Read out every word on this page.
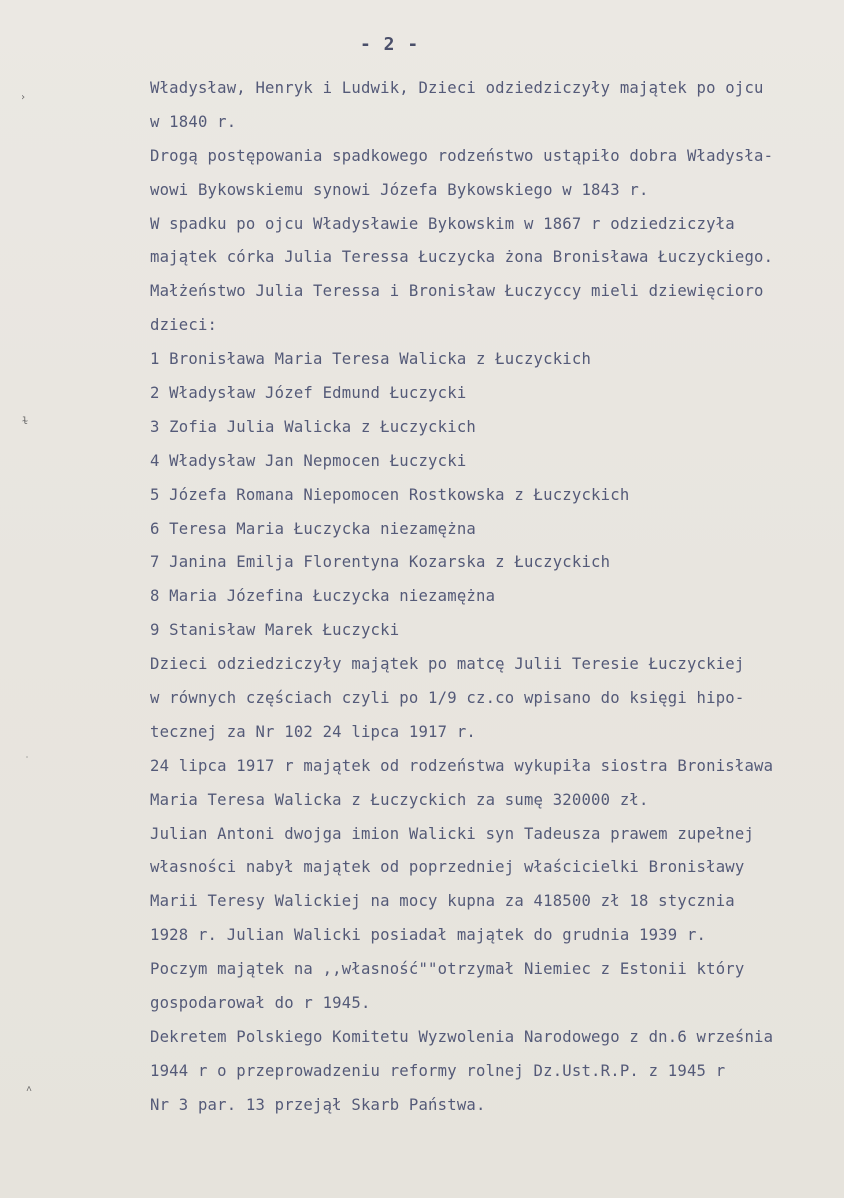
- 2 -
›
ɫ
˙
˄
Władysław, Henryk i Ludwik, Dzieci odziedziczyły majątek po ojcu
w 1840 r.
Drogą postępowania spadkowego rodzeństwo ustąpiło dobra Władysła-
wowi Bykowskiemu synowi Józefa Bykowskiego w 1843 r.
W spadku po ojcu Władysławie Bykowskim w 1867 r odziedziczyła
majątek córka Julia Teressa Łuczycka żona Bronisława Łuczyckiego.
Małżeństwo Julia Teressa i Bronisław Łuczyccy mieli dziewięcioro
dzieci:
1 Bronisława Maria Teresa Walicka z Łuczyckich
2 Władysław Józef Edmund Łuczycki
3 Zofia Julia Walicka z Łuczyckich
4 Władysław Jan Nepmocen Łuczycki
5 Józefa Romana Niepomocen Rostkowska z Łuczyckich
6 Teresa Maria Łuczycka niezamężna
7 Janina Emilja Florentyna Kozarska z Łuczyckich
8 Maria Józefina Łuczycka niezamężna
9 Stanisław Marek Łuczycki
Dzieci odziedziczyły majątek po matcę Julii Teresie Łuczyckiej
w równych częściach czyli po 1/9 cz.co wpisano do księgi hipo-
tecznej za Nr 102 24 lipca 1917 r.
24 lipca 1917 r majątek od rodzeństwa wykupiła siostra Bronisława
Maria Teresa Walicka z Łuczyckich za sumę 320000 zł.
Julian Antoni dwojga imion Walicki syn Tadeusza prawem zupełnej
własności nabył majątek od poprzedniej właścicielki Bronisławy
Marii Teresy Walickiej na mocy kupna za 418500 zł 18 stycznia
1928 r. Julian Walicki posiadał majątek do grudnia 1939 r.
Poczym majątek na ,,własność""otrzymał Niemiec z Estonii który
gospodarował do r 1945.
Dekretem Polskiego Komitetu Wyzwolenia Narodowego z dn.6 września
1944 r o przeprowadzeniu reformy rolnej Dz.Ust.R.P. z 1945 r
Nr 3 par. 13 przejął Skarb Państwa.
